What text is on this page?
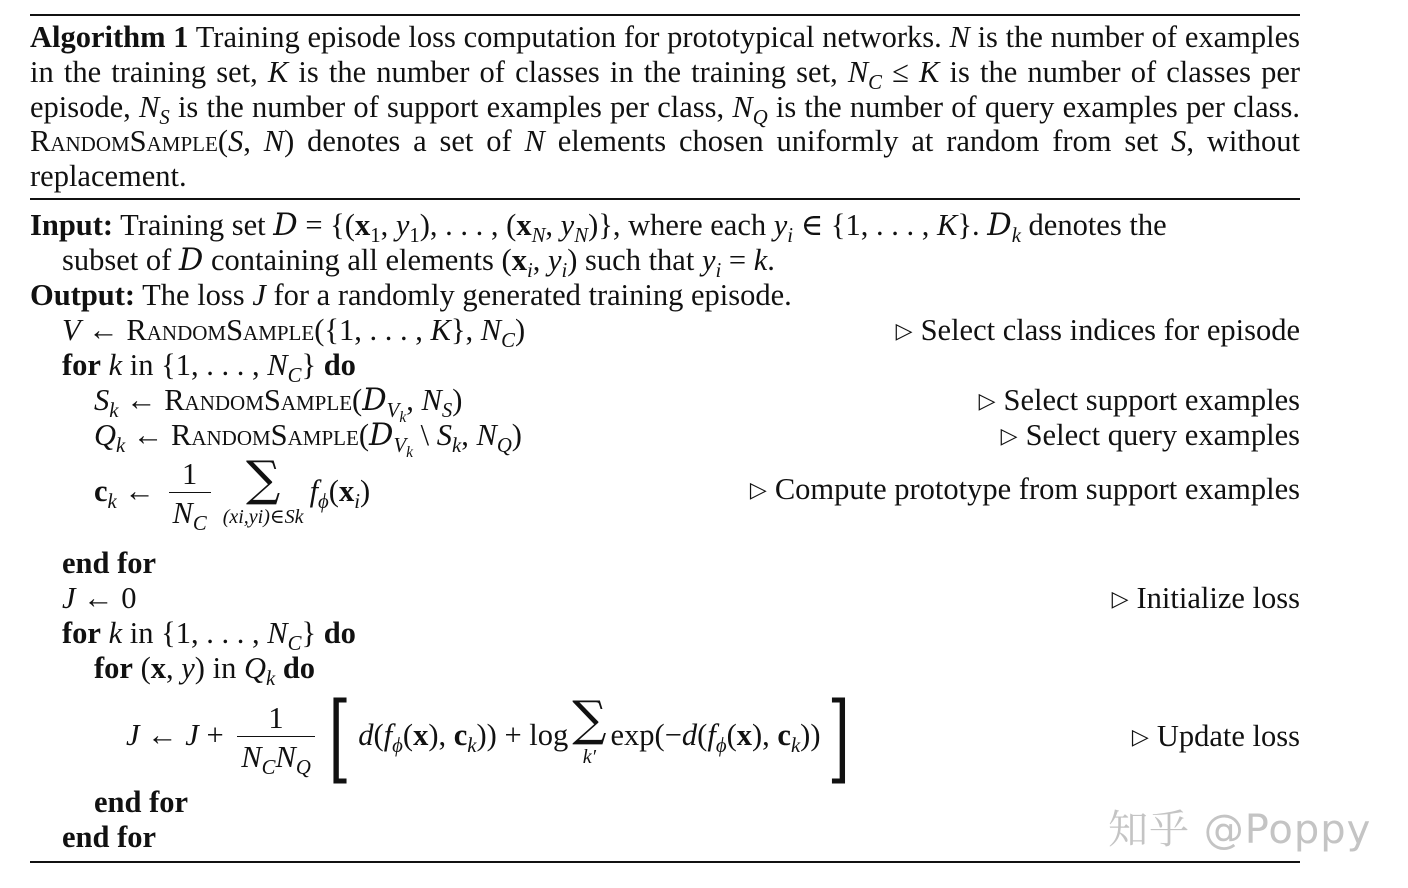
Algorithm 1 Training episode loss computation for prototypical networks. N is the number of examples in the training set, K is the number of classes in the training set, $N_C \le K$ is the number of classes per episode, $N_S$ is the number of support examples per class, $N_Q$ is the number of query examples per class. RandomSample(S, N) denotes a set of N elements chosen uniformly at random from set S, without replacement.
Input: Training set $D = \{(x_1$, $y_1$), . . . , ($x_N$, $y_N$)}, where each $y_i$ ∈ {1, . . . , K}. $D_k$ denotes the
subset of D containing all elements ($x_i$, $y_i$) such that $y_i = k$.
Output: The loss J for a randomly generated training episode.
V ← RandomSample({1, . . . , K}, $N_C$)	▷ Select class indices for episode
for k in {1, . . . , $N_C$} do
$S_k$ ← $RandomSample(D_{V_k}$, $N_S$)	▷ Select support examples
$Q_k$ ← $RandomSample(D_{V_k}$ \ $S_k$, $N_Q$)	▷ Select query examples
$c_k$ ← $\frac{1}{N_C}$ ∑
(xi,yi)∈Sk
$f_\phi(x_i)$	▷ Compute prototype from support examples
end for
J ← 0	▷ Initialize loss
for k in {1, . . . , $N_C$} do
for (x, y) in $Q_k$ do
J ← $J + \frac{1}{N_CN_Q}$ [ $d(f_\phi(x)$, $c_k)) + \log$ ∑
k′
$\exp(-d(f_\phi(x)$, $c_k$))]	▷ Update loss
end for
end for	知乎 @Poppy
